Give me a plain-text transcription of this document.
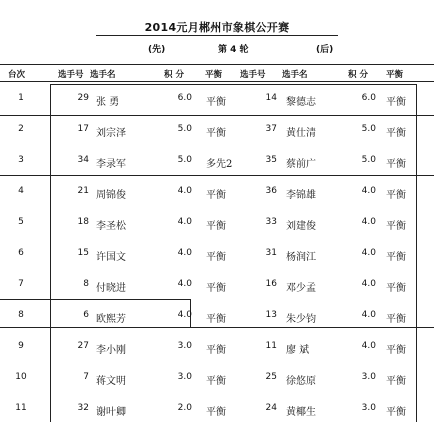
2014元月郴州市象棋公开赛
(先)	第 4 轮	(后)
台次	选手号 选手名	积 分 平衡 选手号 选手名	积 分 平衡
1	29 张 勇	6.0 平衡	14 黎德志	6.0 平衡
2	17 刘宗泽	5.0 平衡	37 黄仕清	5.0 平衡
3	34 李录军	5.0 多先2	35 蔡前广	5.0 平衡
4	21 周锦俊	4.0 平衡	36 李锦雄	4.0 平衡
5	18 李圣松	4.0 平衡	33 刘建俊	4.0 平衡
6	15 许国文	4.0 平衡	31 杨润江	4.0 平衡
7	8 付晓进	4.0 平衡	16 邓少孟	4.0 平衡
8	6 欧熙芳	4.0 平衡	13 朱少钧	4.0 平衡
9	27 李小刚	3.0 平衡	11 廖 斌	4.0 平衡
10	7 蒋文明	3.0 平衡	25 徐悠原	3.0 平衡
11	32 谢叶卿	2.0 平衡	24 黄椰生	3.0 平衡
